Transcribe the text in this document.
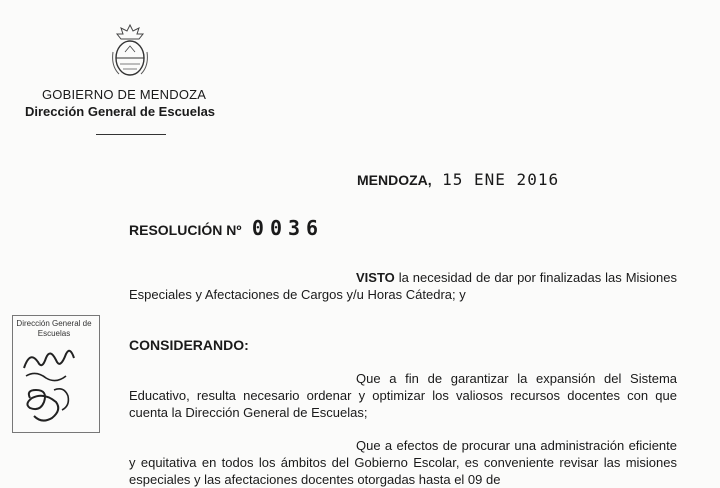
GOBIERNO DE MENDOZA
Dirección General de Escuelas
MENDOZA, 15 ENE 2016
RESOLUCIÓN Nº 0036
VISTO la necesidad de dar por finalizadas las Misiones Especiales y Afectaciones de Cargos y/u Horas Cátedra; y
CONSIDERANDO:
Que a fin de garantizar la expansión del Sistema Educativo, resulta necesario ordenar y optimizar los valiosos recursos docentes con que cuenta la Dirección General de Escuelas;
Que a efectos de procurar una administración eficiente y equitativa en todos los ámbitos del Gobierno Escolar, es conveniente revisar las misiones especiales y las afectaciones docentes otorgadas hasta el 09 de
Dirección General de Escuelas
